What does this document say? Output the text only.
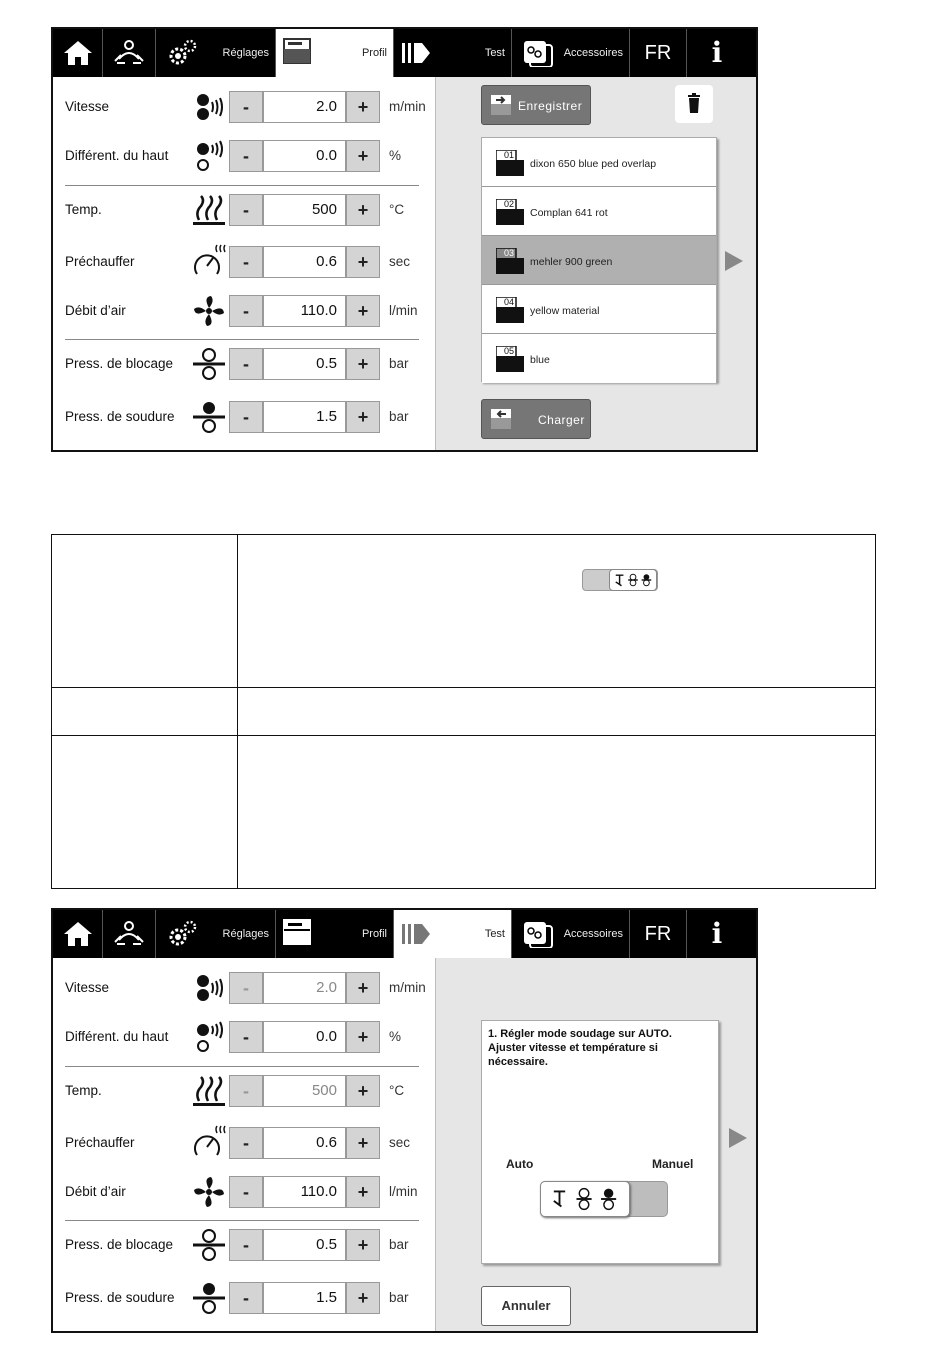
Réglages	Profil	Test	Accessoires	FR	i
Vitesse	-	2.0	+	m/min
Différent. du haut	-	0.0	+	%
Temp.	-	500	+	°C
Préchauffer	-	0.6	+	sec
Débit d’air	-	110.0	+	l/min
Press. de blocage	-	0.5	+	bar
Press. de soudure	-	1.5	+	bar
Enregistrer
01
dixon 650 blue ped overlap
02
Complan 641 rot
03
mehler 900 green
04
yellow material
05
blue
Charger
Réglages	Profil	Test	Accessoires	FR	i
Vitesse	-	2.0	+	m/min
Différent. du haut	-	0.0	+	%
Temp.	-	500	+	°C
Préchauffer	-	0.6	+	sec
Débit d’air	-	110.0	+	l/min
Press. de blocage	-	0.5	+	bar
Press. de soudure	-	1.5	+	bar
1. Régler mode soudage sur AUTO.
Ajuster vitesse et température si nécessaire.
Auto	Manuel
Annuler
